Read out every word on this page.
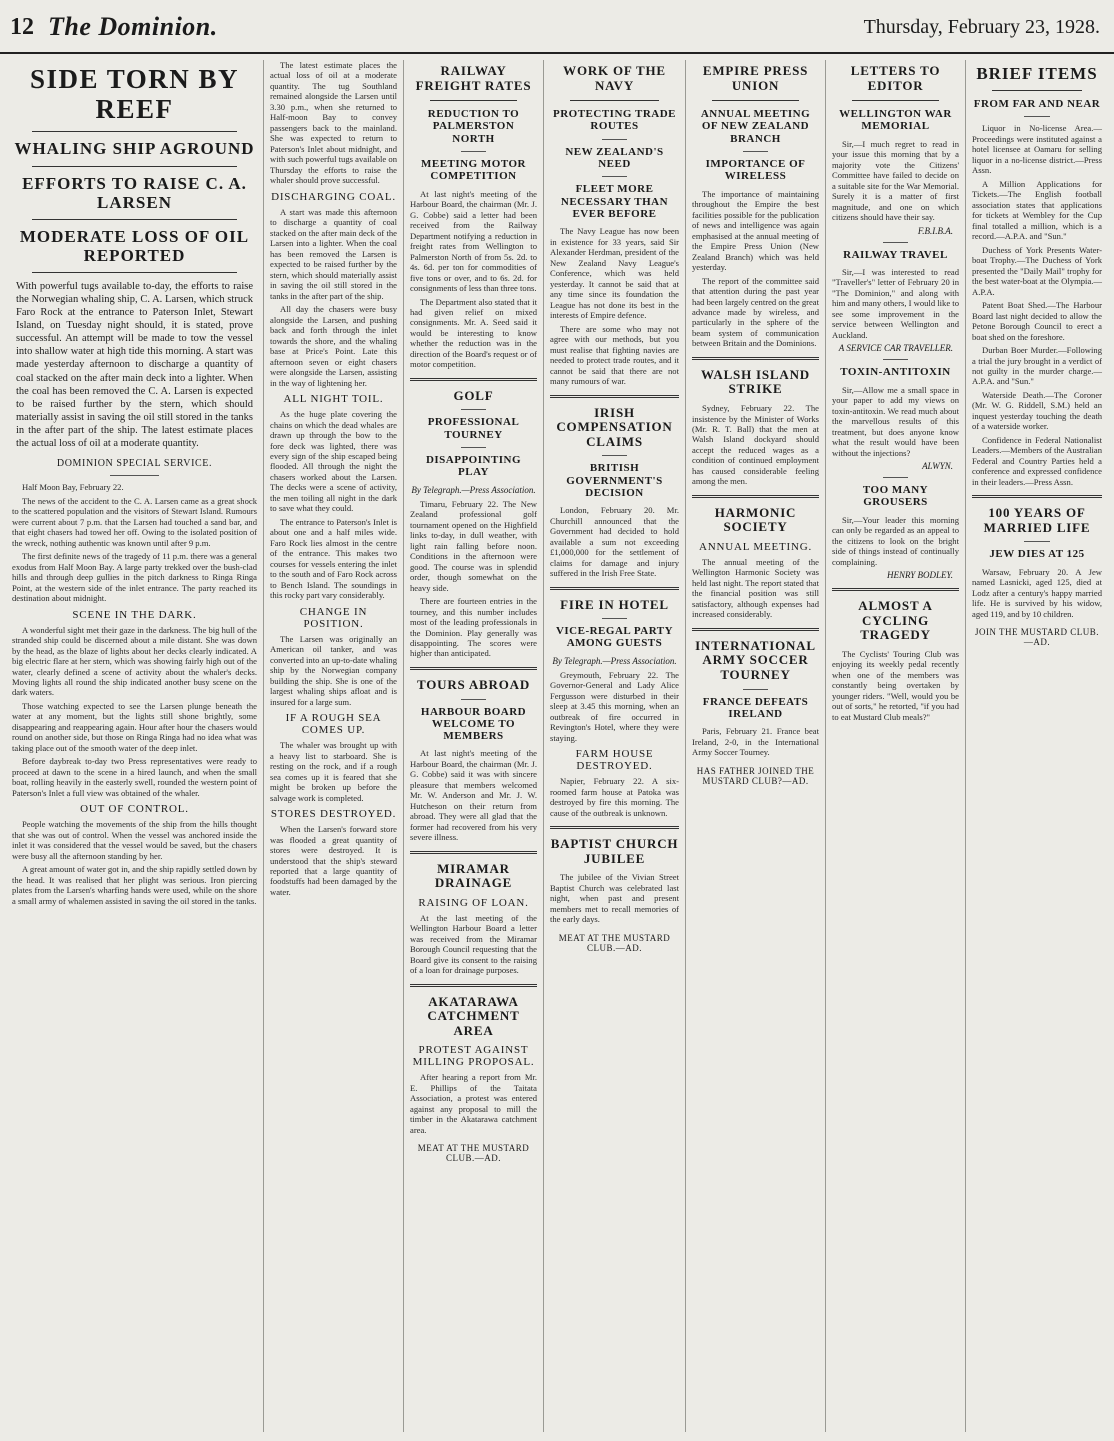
12 The Dominion.	Thursday, February 23, 1928.
SIDE TORN BY REEF
WHALING SHIP AGROUND
EFFORTS TO RAISE C. A. LARSEN
MODERATE LOSS OF OIL REPORTED

With powerful tugs available to-day, the efforts to raise the Norwegian whaling ship, C. A. Larsen, which struck Faro Rock at the entrance to Paterson Inlet, Stewart Island, on Tuesday night should, it is stated, prove successful. An attempt will be made to tow the vessel into shallow water at high tide this morning. A start was made yesterday afternoon to discharge a quantity of coal stacked on the after main deck into a lighter. When the coal has been removed the C. A. Larsen is expected to be raised further by the stern, which should materially assist in saving the oil still stored in the tanks in the after part of the ship. The latest estimate places the actual loss of oil at a moderate quantity.

DOMINION SPECIAL SERVICE.

Half Moon Bay, February 22.

The news of the accident to the C. A. Larsen came as a great shock to the scattered population and the visitors of Stewart Island. Rumours were current about 7 p.m. that the Larsen had touched a sand bar, and that eight chasers had towed her off. Owing to the isolated position of the wreck, nothing authentic was known until after 9 p.m.

The first definite news of the tragedy of 11 p.m. there was a general exodus from Half Moon Bay. A large party trekked over the bush-clad hills and through deep gullies in the pitch darkness to Ringa Ringa Point, at the western side of the inlet entrance. The party reached its destination about midnight.

SCENE IN THE DARK.

A wonderful sight met their gaze in the darkness. The big hull of the stranded ship could be discerned about a mile distant. She was down by the head, as the blaze of lights about her decks clearly indicated. A big electric flare at her stern, which was showing fairly high out of the water, clearly defined a scene of activity about the whaler's decks. Moving lights all round the ship indicated another busy scene on the dark waters.

Those watching expected to see the Larsen plunge beneath the water at any moment, but the lights still shone brightly, some disappearing and reappearing again. Hour after hour the chasers would round on another side, but those on Ringa Ringa had no idea what was taking place out of the smooth water of the deep inlet.

Before daybreak to-day two Press representatives were ready to proceed at dawn to the scene in a hired launch, and when the small boat, rolling heavily in the easterly swell, rounded the western point of Paterson's Inlet a full view was obtained of the whaler.

OUT OF CONTROL.

People watching the movements of the ship from the hills thought that she was out of control. When the vessel was anchored inside the inlet it was considered that the vessel would be saved, but the chasers were busy all the afternoon standing by her.

A great amount of water got in, and the ship rapidly settled down by the head. It was realised that her plight was serious. Iron piercing plates from the Larsen's wharfing hands were used, while on the shore a small army of whalemen assisted in saving the oil stored in the tanks.

The latest estimate places the actual loss of oil at a moderate quantity. The tug Southland remained alongside the Larsen until 3.30 p.m., when she returned to Half-moon Bay to convey passengers back to the mainland. She was expected to return to Paterson's Inlet about midnight, and with such powerful tugs available on Thursday the efforts to raise the whaler should prove successful.

DISCHARGING COAL.

A start was made this afternoon to discharge a quantity of coal stacked on the after main deck of the Larsen into a lighter. When the coal has been removed the Larsen is expected to be raised further by the stern, which should materially assist in saving the oil still stored in the tanks in the after part of the ship.

All day the chasers were busy alongside the Larsen, and pushing back and forth through the inlet towards the shore, and the whaling base at Price's Point. Late this afternoon seven or eight chasers were alongside the Larsen, assisting in the way of lightening her.

ALL NIGHT TOIL.

As the huge plate covering the chains on which the dead whales are drawn up through the bow to the fore deck was lighted, there was every sign of the ship escaped being flooded. All through the night the chasers worked about the Larsen. The decks were a scene of activity, the men toiling all night in the dark to save what they could.

The entrance to Paterson's Inlet is about one and a half miles wide. Faro Rock lies almost in the centre of the entrance. This makes two courses for vessels entering the inlet to the south and of Faro Rock across to Bench Island. The soundings in this rocky part vary considerably.

CHANGE IN POSITION.

The Larsen was originally an American oil tanker, and was converted into an up-to-date whaling ship by the Norwegian company building the ship. She is one of the largest whaling ships afloat and is insured for a large sum.

IF A ROUGH SEA COMES UP.

The whaler was brought up with a heavy list to starboard. She is resting on the rock, and if a rough sea comes up it is feared that she might be broken up before the salvage work is completed.

STORES DESTROYED.

When the Larsen's forward store was flooded a great quantity of stores were destroyed. It is understood that the ship's steward reported that a large quantity of foodstuffs had been damaged by the water.

RAILWAY FREIGHT RATES
REDUCTION TO PALMERSTON NORTH
MEETING MOTOR COMPETITION

At last night's meeting of the Harbour Board, the chairman (Mr. J. G. Cobbe) said a letter had been received from the Railway Department notifying a reduction in freight rates from Wellington to Palmerston North of from 5s. 2d. to 4s. 6d. per ton for commodities of five tons or over, and to 6s. 2d. for consignments of less than three tons.

The Department also stated that it had given relief on mixed consignments. Mr. A. Seed said it would be interesting to know whether the reduction was in the direction of the Board's request or of motor competition.

GOLF
PROFESSIONAL TOURNEY
DISAPPOINTING PLAY
By Telegraph.—Press Association.

Timaru, February 22. The New Zealand professional golf tournament opened on the Highfield links to-day, in dull weather, with light rain falling before noon. Conditions in the afternoon were good. The course was in splendid order, though somewhat on the heavy side.

There are fourteen entries in the tourney, and this number includes most of the leading professionals in the Dominion. Play generally was disappointing. The scores were higher than anticipated.

TOURS ABROAD
HARBOUR BOARD WELCOME TO MEMBERS

At last night's meeting of the Harbour Board, the chairman (Mr. J. G. Cobbe) said it was with sincere pleasure that members welcomed Mr. W. Anderson and Mr. J. W. Hutcheson on their return from abroad. They were all glad that the former had recovered from his very severe illness.

MIRAMAR DRAINAGE
RAISING OF LOAN.

At the last meeting of the Wellington Harbour Board a letter was received from the Miramar Borough Council requesting that the Board give its consent to the raising of a loan for drainage purposes.

AKATARAWA CATCHMENT AREA
PROTEST AGAINST MILLING PROPOSAL.

After hearing a report from Mr. E. Phillips of the Taitata Association, a protest was entered against any proposal to mill the timber in the Akatarawa catchment area.

MEAT AT THE MUSTARD CLUB.—AD.
WORK OF THE NAVY
PROTECTING TRADE ROUTES
NEW ZEALAND'S NEED
FLEET MORE NECESSARY THAN EVER BEFORE

The Navy League has now been in existence for 33 years, said Sir Alexander Herdman, president of the New Zealand Navy League's Conference, which was held yesterday. It cannot be said that at any time since its foundation the League has not done its best in the interests of Empire defence.

There are some who may not agree with our methods, but you must realise that fighting navies are needed to protect trade routes, and it cannot be said that there are not many rumours of war.

IRISH COMPENSATION CLAIMS
BRITISH GOVERNMENT'S DECISION

London, February 20. Mr. Churchill announced that the Government had decided to hold available a sum not exceeding £1,000,000 for the settlement of claims for damage and injury suffered in the Irish Free State.

FIRE IN HOTEL
VICE-REGAL PARTY AMONG GUESTS
By Telegraph.—Press Association.

Greymouth, February 22. The Governor-General and Lady Alice Fergusson were disturbed in their sleep at 3.45 this morning, when an outbreak of fire occurred in Revington's Hotel, where they were staying.

FARM HOUSE DESTROYED.

Napier, February 22. A six-roomed farm house at Patoka was destroyed by fire this morning. The cause of the outbreak is unknown.

BAPTIST CHURCH JUBILEE

The jubilee of the Vivian Street Baptist Church was celebrated last night, when past and present members met to recall memories of the early days.

MEAT AT THE MUSTARD CLUB.—AD.
EMPIRE PRESS UNION
ANNUAL MEETING OF NEW ZEALAND BRANCH
IMPORTANCE OF WIRELESS

The importance of maintaining throughout the Empire the best facilities possible for the publication of news and intelligence was again emphasised at the annual meeting of the Empire Press Union (New Zealand Branch) which was held yesterday.

The report of the committee said that attention during the past year had been largely centred on the great advance made by wireless, and particularly in the sphere of the beam system of communication between Britain and the Dominions.

WALSH ISLAND STRIKE

Sydney, February 22. The insistence by the Minister of Works (Mr. R. T. Ball) that the men at Walsh Island dockyard should accept the reduced wages as a condition of continued employment has caused considerable feeling among the men.

HARMONIC SOCIETY
ANNUAL MEETING.

The annual meeting of the Wellington Harmonic Society was held last night. The report stated that the financial position was still satisfactory, although expenses had increased considerably.

INTERNATIONAL ARMY SOCCER TOURNEY
FRANCE DEFEATS IRELAND

Paris, February 21. France beat Ireland, 2-0, in the International Army Soccer Tourney.

HAS FATHER JOINED THE MUSTARD CLUB?—AD.
LETTERS TO EDITOR
WELLINGTON WAR MEMORIAL

Sir,—I much regret to read in your issue this morning that by a majority vote the Citizens' Committee have failed to decide on a suitable site for the War Memorial. Surely it is a matter of first magnitude, and one on which citizens should have their say.

F.B.I.B.A.
RAILWAY TRAVEL

Sir,—I was interested to read "Traveller's" letter of February 20 in "The Dominion," and along with him and many others, I would like to see some improvement in the service between Wellington and Auckland.

A SERVICE CAR TRAVELLER.
TOXIN-ANTITOXIN

Sir,—Allow me a small space in your paper to add my views on toxin-antitoxin. We read much about the marvellous results of this treatment, but does anyone know what the result would have been without the injections?

ALWYN.
TOO MANY GROUSERS

Sir,—Your leader this morning can only be regarded as an appeal to the citizens to look on the bright side of things instead of continually complaining.

HENRY BODLEY.
ALMOST A CYCLING TRAGEDY

The Cyclists' Touring Club was enjoying its weekly pedal recently when one of the members was constantly being overtaken by younger riders. "Well, would you be out of sorts," he retorted, "if you had to eat Mustard Club meals?"

BRIEF ITEMS
FROM FAR AND NEAR

Liquor in No-license Area.—Proceedings were instituted against a hotel licensee at Oamaru for selling liquor in a no-license district.—Press Assn.

A Million Applications for Tickets.—The English football association states that applications for tickets at Wembley for the Cup final totalled a million, which is a record.—A.P.A. and "Sun."

Duchess of York Presents Water-boat Trophy.—The Duchess of York presented the "Daily Mail" trophy for the best water-boat at the Olympia.—A.P.A.

Patent Boat Shed.—The Harbour Board last night decided to allow the Petone Borough Council to erect a boat shed on the foreshore.

Durban Boer Murder.—Following a trial the jury brought in a verdict of not guilty in the murder charge.—A.P.A. and "Sun."

Waterside Death.—The Coroner (Mr. W. G. Riddell, S.M.) held an inquest yesterday touching the death of a waterside worker.

Confidence in Federal Nationalist Leaders.—Members of the Australian Federal and Country Parties held a conference and expressed confidence in their leaders.—Press Assn.

100 YEARS OF MARRIED LIFE
JEW DIES AT 125

Warsaw, February 20. A Jew named Lasnicki, aged 125, died at Lodz after a century's happy married life. He is survived by his widow, aged 119, and by 10 children.

JOIN THE MUSTARD CLUB.—AD.
